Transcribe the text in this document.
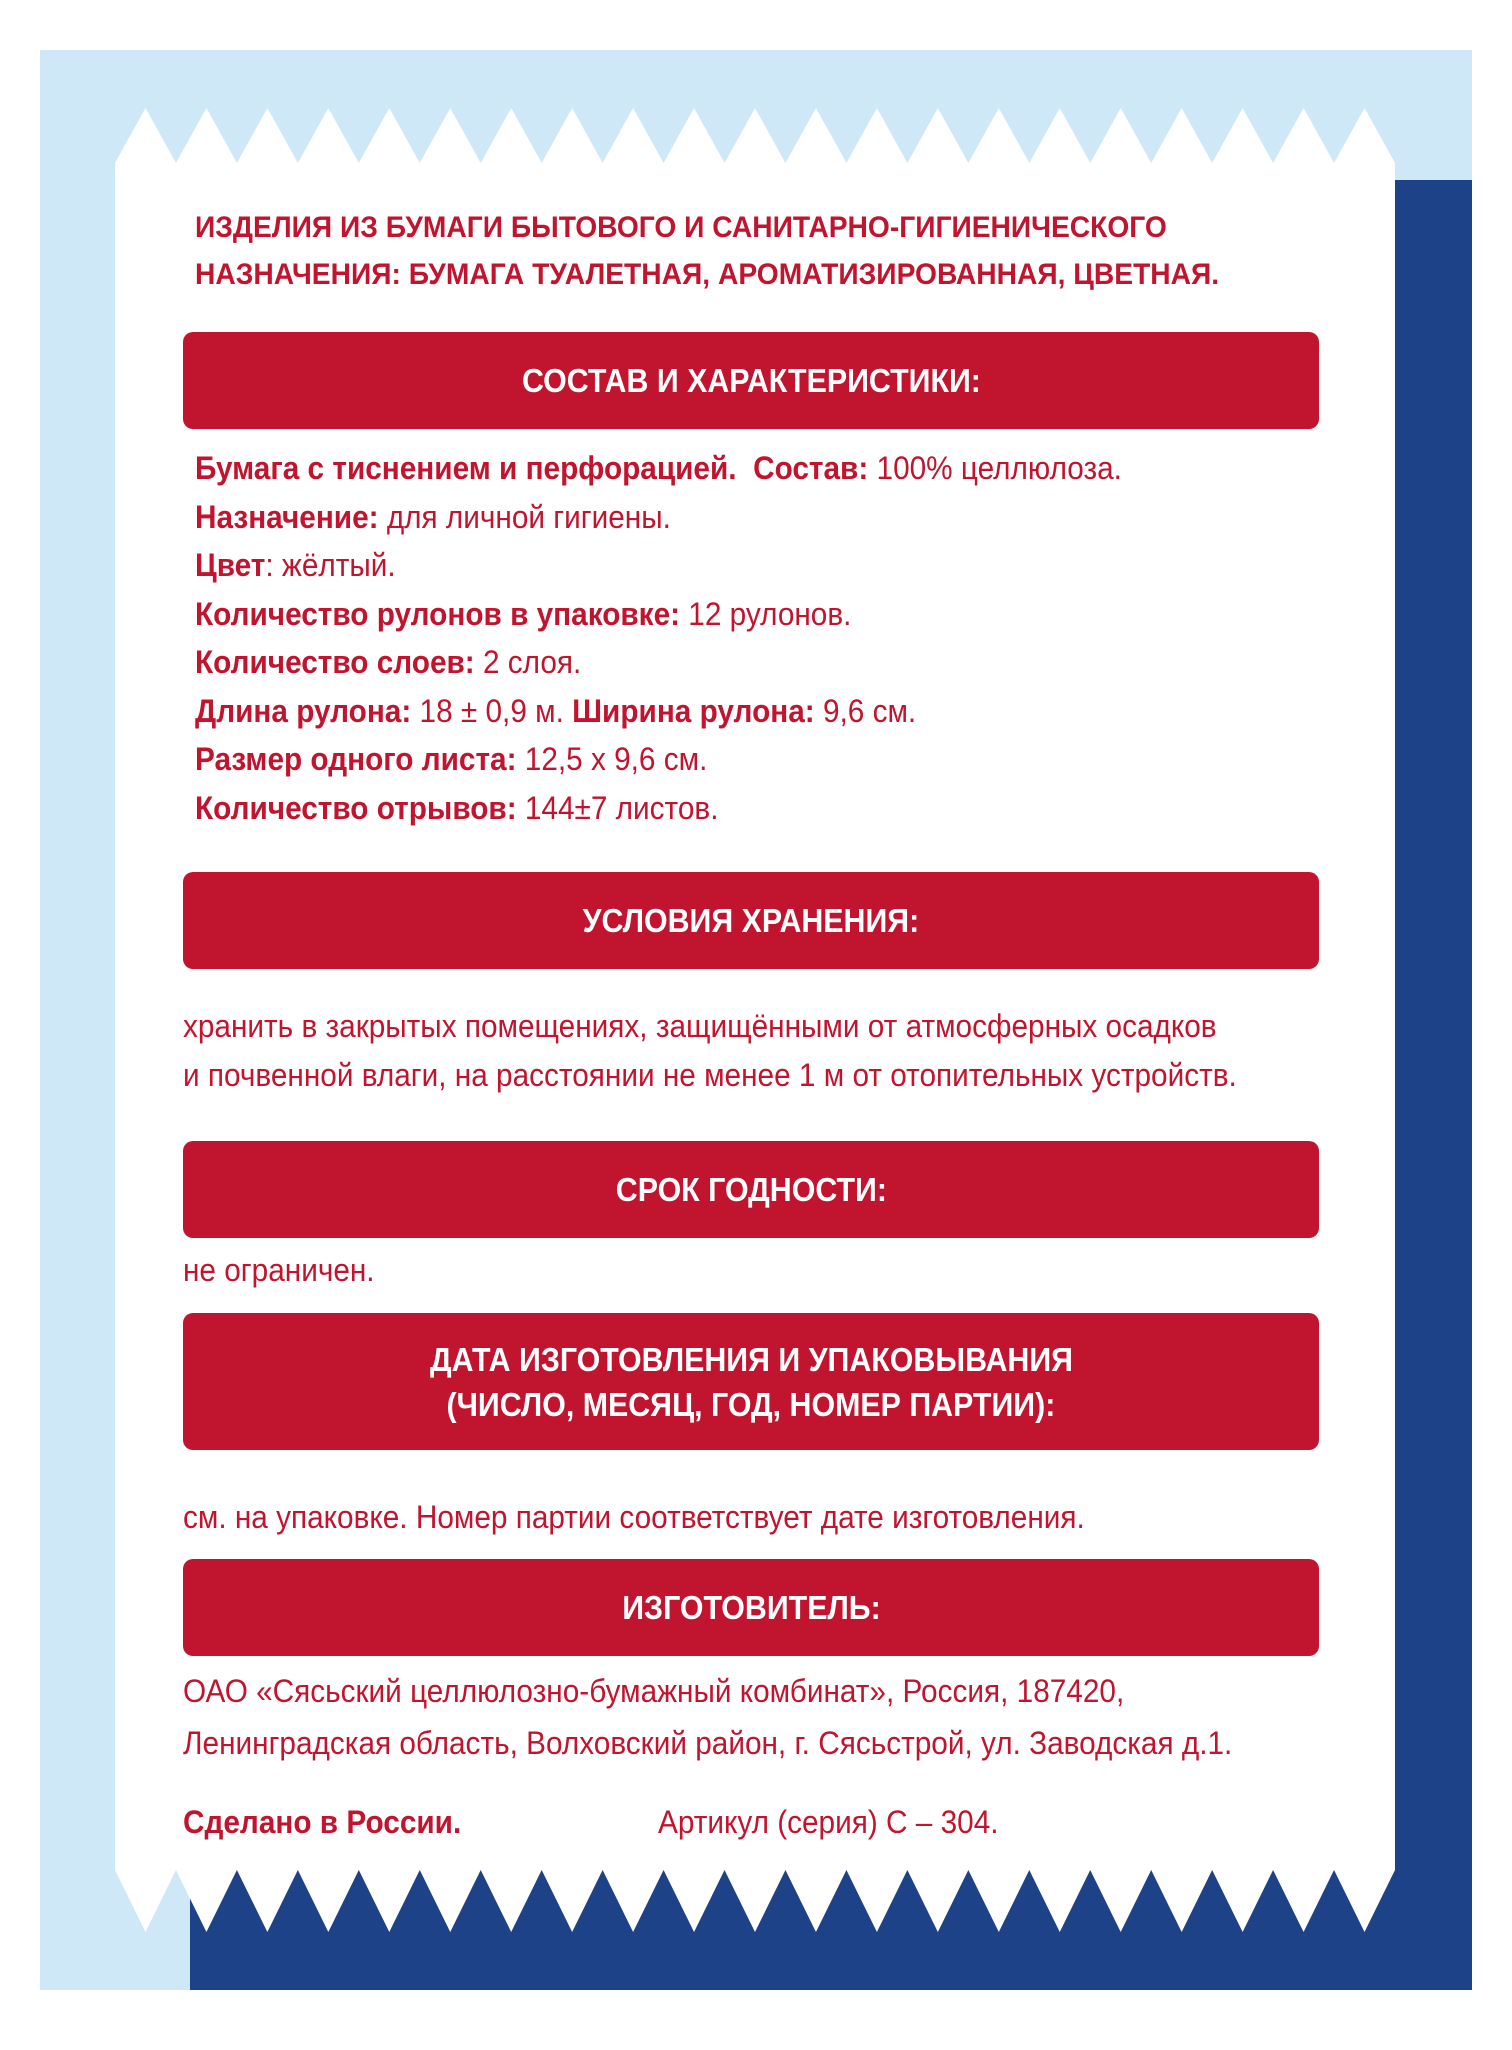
ИЗДЕЛИЯ ИЗ БУМАГИ БЫТОВОГО И САНИТАРНО-ГИГИЕНИЧЕСКОГО
НАЗНАЧЕНИЯ: БУМАГА ТУАЛЕТНАЯ, АРОМАТИЗИРОВАННАЯ, ЦВЕТНАЯ.
СОСТАВ И ХАРАКТЕРИСТИКИ:
Бумага с тиснением и перфорацией. Состав: 100% целлюлоза.
Назначение: для личной гигиены.
Цвет: жёлтый.
Количество рулонов в упаковке: 12 рулонов.
Количество слоев: 2 слоя.
Длина рулона: 18 ± 0,9 м. Ширина рулона: 9,6 см.
Размер одного листа: 12,5 x 9,6 см.
Количество отрывов: 144±7 листов.
УСЛОВИЯ ХРАНЕНИЯ:
хранить в закрытых помещениях, защищёнными от атмосферных осадков
и почвенной влаги, на расстоянии не менее 1 м от отопительных устройств.
СРОК ГОДНОСТИ:
не ограничен.
ДАТА ИЗГОТОВЛЕНИЯ И УПАКОВЫВАНИЯ
(ЧИСЛО, МЕСЯЦ, ГОД, НОМЕР ПАРТИИ):
см. на упаковке. Номер партии соответствует дате изготовления.
ИЗГОТОВИТЕЛЬ:
ОАО «Сясьский целлюлозно-бумажный комбинат», Россия, 187420,
Ленинградская область, Волховский район, г. Сясьстрой, ул. Заводская д.1.
Сделано в России.	Артикул (серия) С – 304.
